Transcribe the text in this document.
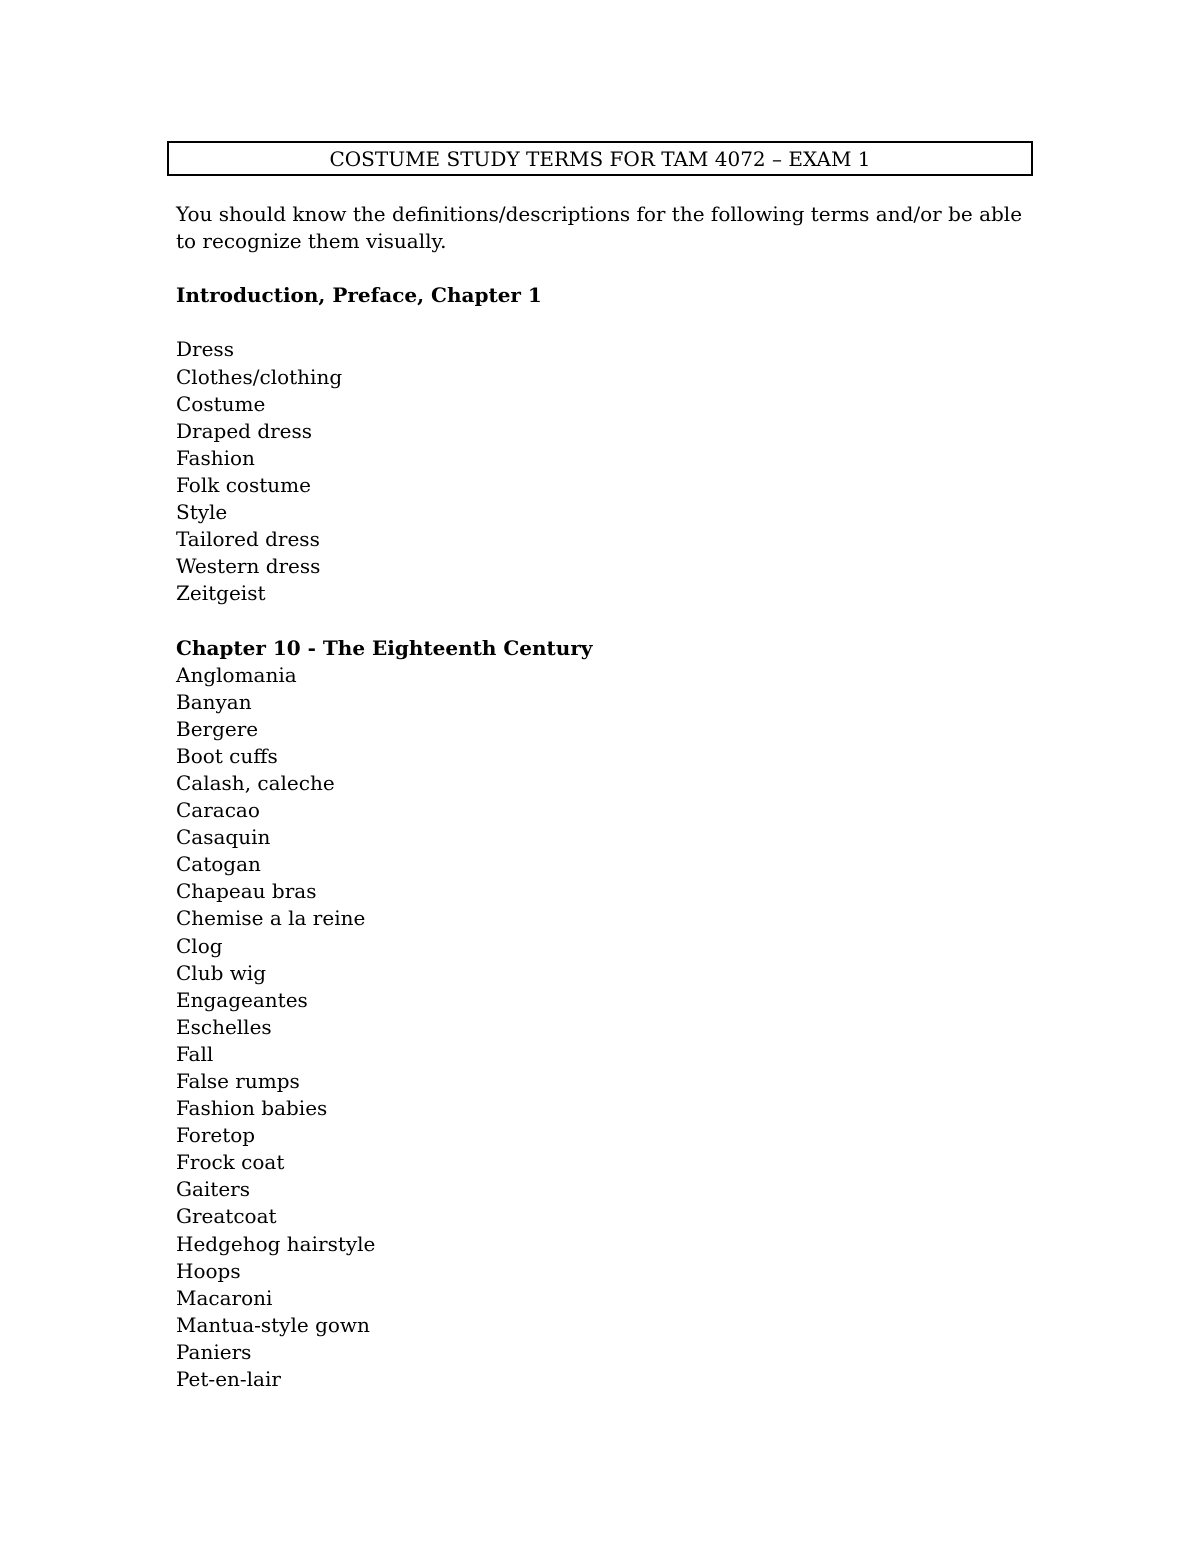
COSTUME STUDY TERMS FOR TAM 4072 – EXAM 1

You should know the definitions/descriptions for the following terms and/or be able to recognize them visually.

Introduction, Preface, Chapter 1

Dress
Clothes/clothing
Costume
Draped dress
Fashion
Folk costume
Style
Tailored dress
Western dress
Zeitgeist

Chapter 10 - The Eighteenth Century

Anglomania
Banyan
Bergere
Boot cuffs
Calash, caleche
Caracao
Casaquin
Catogan
Chapeau bras
Chemise a la reine
Clog
Club wig
Engageantes
Eschelles
Fall
False rumps
Fashion babies
Foretop
Frock coat
Gaiters
Greatcoat
Hedgehog hairstyle
Hoops
Macaroni
Mantua-style gown
Paniers
Pet-en-lair
